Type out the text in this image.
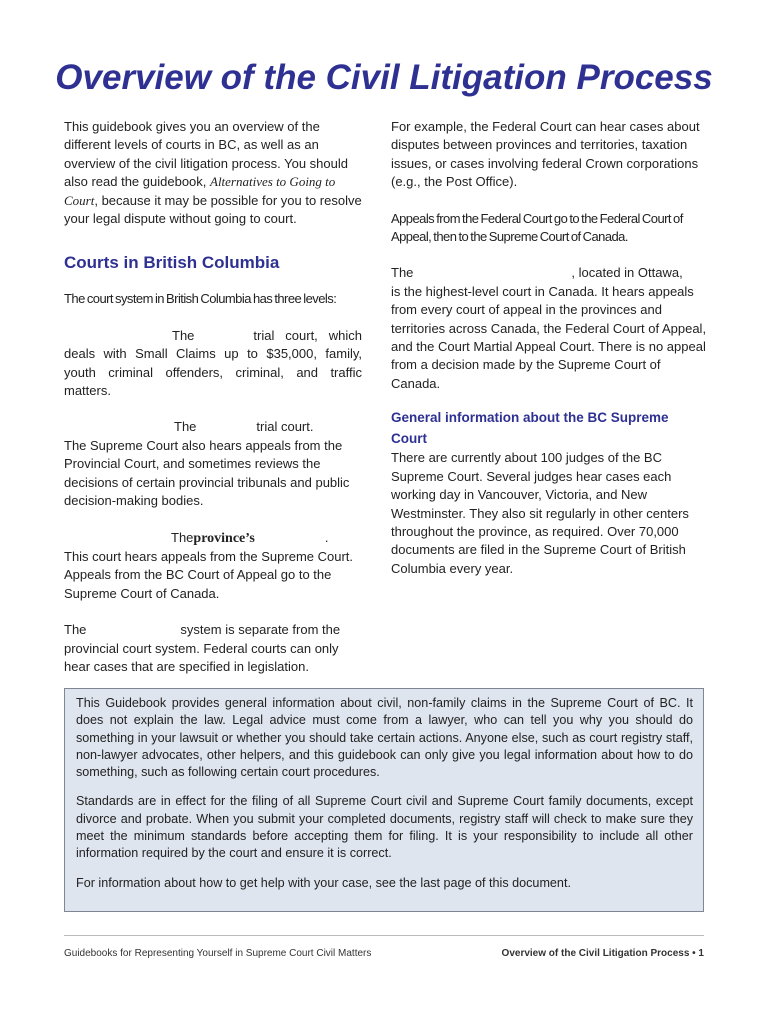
Overview of the Civil Litigation Process

This guidebook gives you an overview of the different levels of courts in BC, as well as an overview of the civil litigation process. You should also read the guidebook, Alternatives to Going to Court, because it may be possible for you to resolve your legal dispute without going to court.

Courts in British Columbia

The court system in British Columbia has three levels:

The	trial court, which deals with Small Claims up to $35,000, family, youth criminal offenders, criminal, and traffic matters.

The	trial court.
The Supreme Court also hears appeals from the Provincial Court, and sometimes reviews the decisions of certain provincial tribunals and public decision-making bodies.

Theprovince’s	.
This court hears appeals from the Supreme Court. Appeals from the BC Court of Appeal go to the Supreme Court of Canada.

The	system is separate from the provincial court system. Federal courts can only hear cases that are specified in legislation.

For example, the Federal Court can hear cases about disputes between provinces and territories, taxation issues, or cases involving federal Crown corporations (e.g., the Post Office).

Appeals from the Federal Court go to the Federal Court of Appeal, then to the Supreme Court of Canada.

The	, located in Ottawa,
is the highest-level court in Canada. It hears appeals from every court of appeal in the provinces and territories across Canada, the Federal Court of Appeal, and the Court Martial Appeal Court. There is no appeal from a decision made by the Supreme Court of Canada.

General information about the BC Supreme Court

There are currently about 100 judges of the BC Supreme Court. Several judges hear cases each working day in Vancouver, Victoria, and New Westminster. They also sit regularly in other centers throughout the province, as required. Over 70,000 documents are filed in the Supreme Court of British Columbia every year.

This Guidebook provides general information about civil, non-family claims in the Supreme Court of BC. It does not explain the law. Legal advice must come from a lawyer, who can tell you why you should do something in your lawsuit or whether you should take certain actions. Anyone else, such as court registry staff, non-lawyer advocates, other helpers, and this guidebook can only give you legal information about how to do something, such as following certain court procedures.

Standards are in effect for the filing of all Supreme Court civil and Supreme Court family documents, except divorce and probate. When you submit your completed documents, registry staff will check to make sure they meet the minimum standards before accepting them for filing. It is your responsibility to include all other information required by the court and ensure it is correct.

For information about how to get help with your case, see the last page of this document.

Guidebooks for Representing Yourself in Supreme Court Civil Matters	Overview of the Civil Litigation Process • 1
